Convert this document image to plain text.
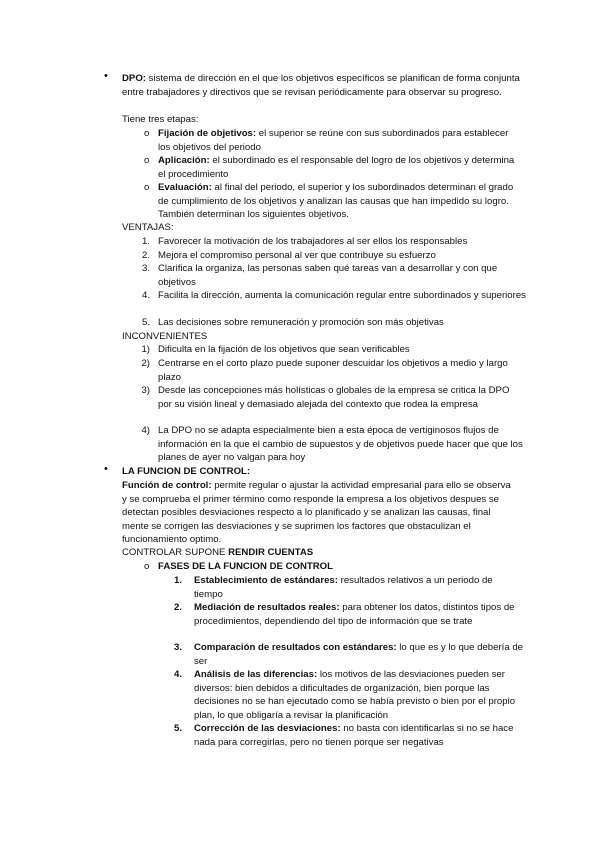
•

DPO: sistema de dirección en el que los objetivos específicos se planifican de forma conjunta entre trabajadores y directivos que se revisan periódicamente para observar su progreso.

Tiene tres etapas:

o Fijación de objetivos: el superior se reúne con sus subordinados para establecer los objetivos del periodo

o Aplicación: el subordinado es el responsable del logro de los objetivos y determina el procedimiento

o Evaluación: al final del periodo, el superior y los subordinados determinan el grado de cumplimiento de los objetivos y analizan las causas que han impedido su logro. También determinan los siguientes objetivos.

VENTAJAS:

1. Favorecer la motivación de los trabajadores al ser ellos los responsables

2. Mejora el compromiso personal al ver que contribuye su esfuerzo

3. Clarifica la organiza, las personas saben qué tareas van a desarrollar y con que objetivos

4. Facilita la dirección, aumenta la comunicación regular entre subordinados y superiores

5. Las decisiones sobre remuneración y promoción son más objetivas

INCONVENIENTES

1) Dificulta en la fijación de los objetivos que sean verificables

2) Centrarse en el corto plazo puede suponer descuidar los objetivos a medio y largo plazo

3) Desde las concepciones más holísticas o globales de la empresa se critica la DPO por su visión lineal y demasiado alejada del contexto que rodea la empresa

4) La DPO no se adapta especialmente bien a esta época de vertiginosos flujos de información en la que el cambio de supuestos y de objetivos puede hacer que que los planes de ayer no valgan para hoy

•

LA FUNCION DE CONTROL:

Función de control: permite regular o ajustar la actividad empresarial para ello se observa y se comprueba el primer término como responde la empresa a los objetivos despues se detectan posibles desviaciones respecto a lo planificado y se analizan las causas, final mente se corrigen las desviaciones y se suprimen los factores que obstaculizan el funcionamiento optimo.

CONTROLAR SUPONE RENDIR CUENTAS

o FASES DE LA FUNCION DE CONTROL

1. Establecimiento de estándares: resultados relativos a un periodo de tiempo

2. Mediación de resultados reales: para obtener los datos, distintos tipos de procedimientos, dependiendo del tipo de información que se trate

3. Comparación de resultados con estándares: lo que es y lo que debería de ser

4. Análisis de las diferencias: los motivos de las desviaciones pueden ser diversos: bien debidos a dificultades de organización, bien porque las decisiones no se han ejecutado como se había previsto o bien por el propio plan, lo que obligaría a revisar la planificación

5. Corrección de las desviaciones: no basta con identificarlas si no se hace nada para corregirlas, pero no tienen porque ser negativas
